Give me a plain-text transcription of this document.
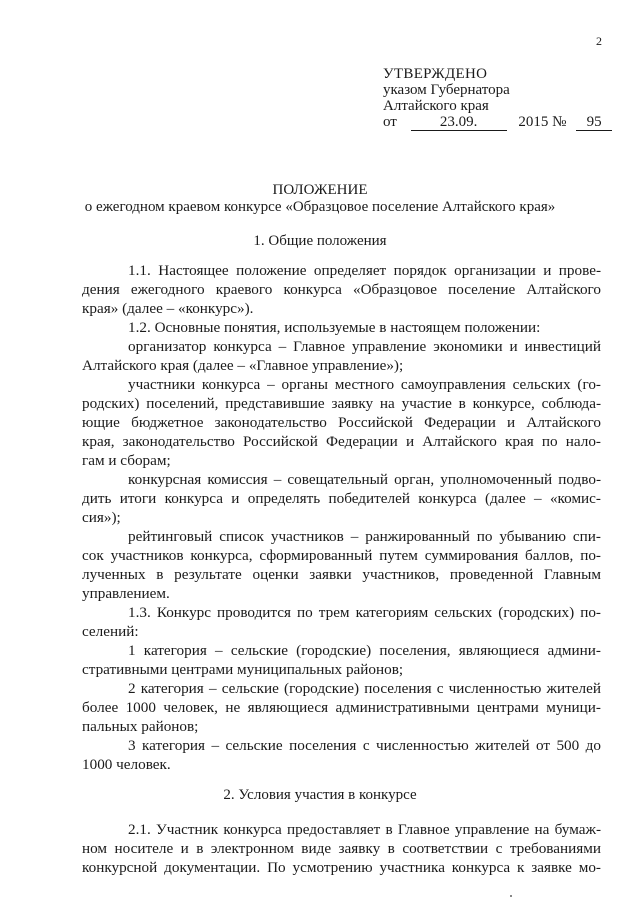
2
УТВЕРЖДЕНО
указом Губернатора
Алтайского края
от	23.09.	2015 № 95
ПОЛОЖЕНИЕ
о ежегодном краевом конкурсе «Образцовое поселение Алтайского края»
1. Общие положения
1.1. Настоящее положение определяет порядок организации и прове-
дения ежегодного краевого конкурса «Образцовое поселение Алтайского
края» (далее – «конкурс»).
1.2. Основные понятия, используемые в настоящем положении:
организатор конкурса – Главное управление экономики и инвестиций
Алтайского края (далее – «Главное управление»);
участники конкурса – органы местного самоуправления сельских (го-
родских) поселений, представившие заявку на участие в конкурсе, соблюда-
ющие бюджетное законодательство Российской Федерации и Алтайского
края, законодательство Российской Федерации и Алтайского края по нало-
гам и сборам;
конкурсная комиссия – совещательный орган, уполномоченный подво-
дить итоги конкурса и определять победителей конкурса (далее – «комис-
сия»);
рейтинговый список участников – ранжированный по убыванию спи-
сок участников конкурса, сформированный путем суммирования баллов, по-
лученных в результате оценки заявки участников, проведенной Главным
управлением.
1.3. Конкурс проводится по трем категориям сельских (городских) по-
селений:
1 категория – сельские (городские) поселения, являющиеся админи-
стративными центрами муниципальных районов;
2 категория – сельские (городские) поселения с численностью жителей
более 1000 человек, не являющиеся административными центрами муници-
пальных районов;
3 категория – сельские поселения с численностью жителей от 500 до
1000 человек.
2. Условия участия в конкурсе
2.1. Участник конкурса предоставляет в Главное управление на бумаж-
ном носителе и в электронном виде заявку в соответствии с требованиями
конкурсной документации. По усмотрению участника конкурса к заявке мо-
